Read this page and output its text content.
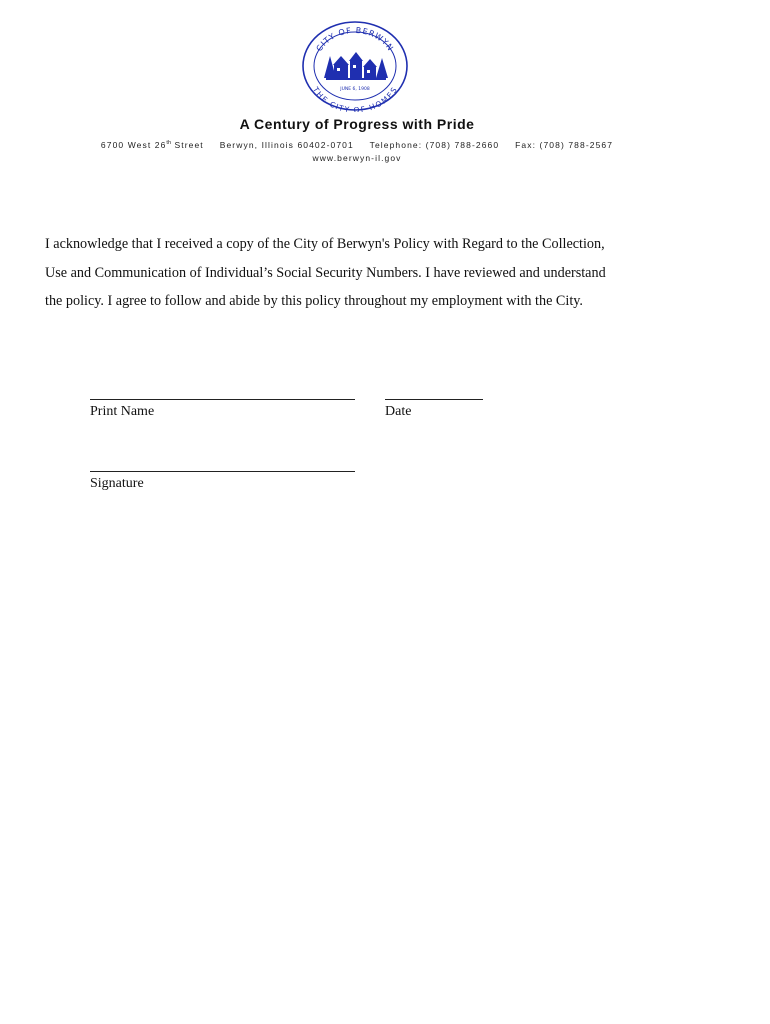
CITY OF BERWYN
THE CITY OF HOMES
JUNE 6, 1908
A Century of Progress with Pride
6700 West 26th Street Berwyn, Illinois 60402-0701 Telephone: (708) 788-2660 Fax: (708) 788-2567
www.berwyn-il.gov
I acknowledge that I received a copy of the City of Berwyn's Policy with Regard to the Collection,
Use and Communication of Individual’s Social Security Numbers. I have reviewed and understand
the policy. I agree to follow and abide by this policy throughout my employment with the City.
Print Name	Date
Signature
